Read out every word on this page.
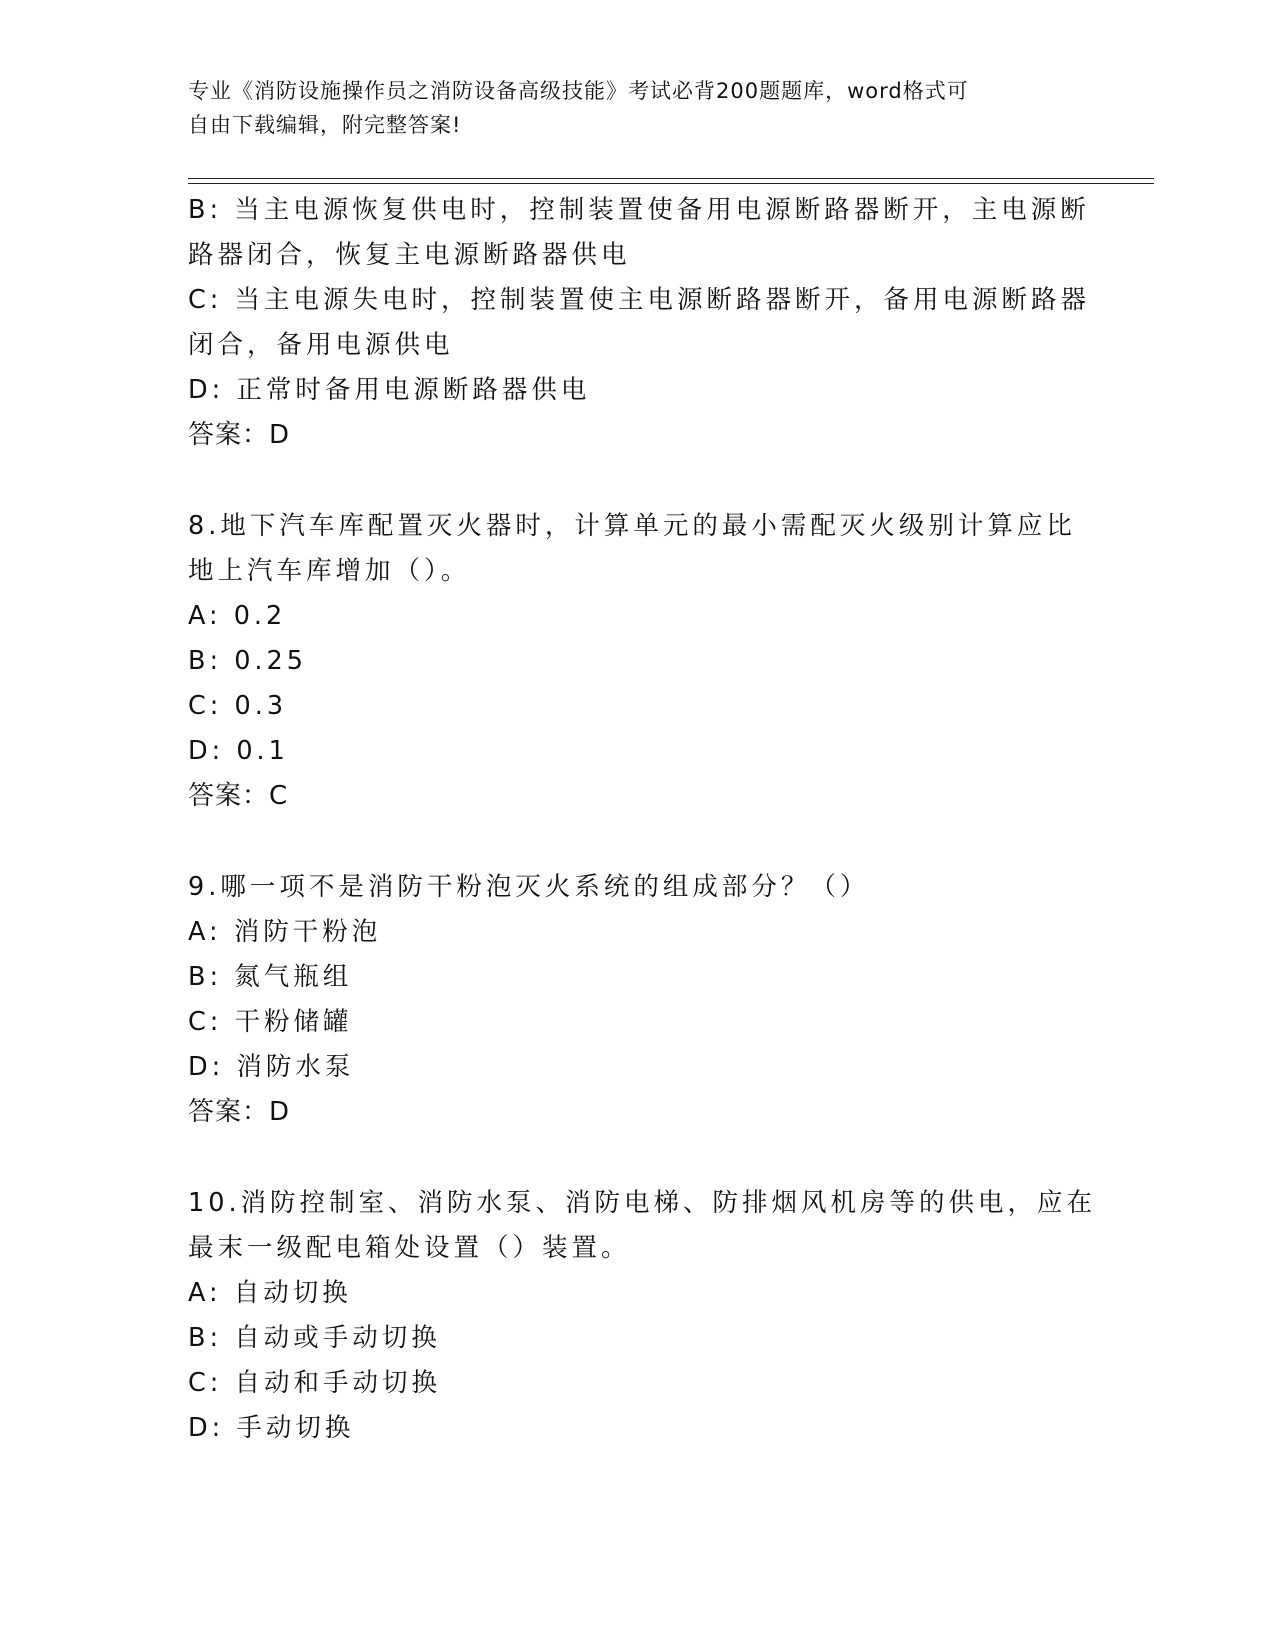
专业《消防设施操作员之消防设备高级技能》考试必背200题题库，word格式可
自由下载编辑，附完整答案!
B: 当主电源恢复供电时，控制装置使备用电源断路器断开，主电源断
路器闭合，恢复主电源断路器供电
C: 当主电源失电时，控制装置使主电源断路器断开，备用电源断路器
闭合，备用电源供电
D: 正常时备用电源断路器供电
答案：D
8.地下汽车库配置灭火器时，计算单元的最小需配灭火级别计算应比
地上汽车库增加（）。
A: 0.2
B: 0.25
C: 0.3
D: 0.1
答案：C
9.哪一项不是消防干粉泡灭火系统的组成部分？（）
A: 消防干粉泡
B: 氮气瓶组
C: 干粉储罐
D: 消防水泵
答案：D
10.消防控制室、消防水泵、消防电梯、防排烟风机房等的供电，应在
最末一级配电箱处设置（）装置。
A: 自动切换
B: 自动或手动切换
C: 自动和手动切换
D: 手动切换
